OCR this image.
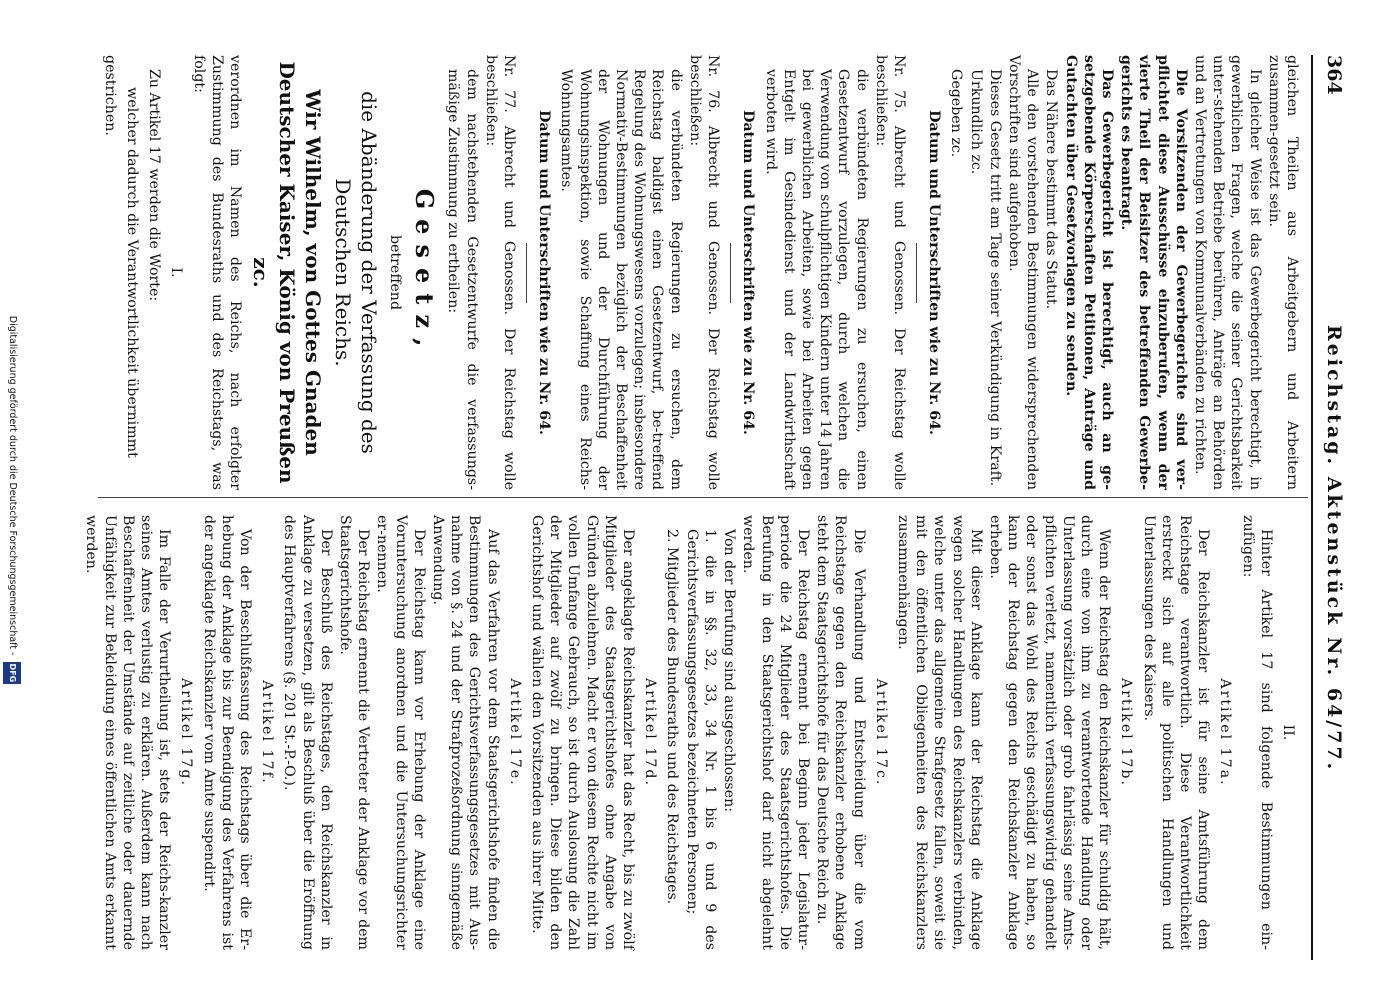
364
Reichstag. Aktenstück Nr. 64/77.

gleichen Theilen aus Arbeitgebern und Arbeitern zusammen-gesetzt sein.

In gleicher Weise ist das Gewerbegericht berechtigt, in gewerblichen Fragen, welche die seiner Gerichtsbarkeit unter-stehenden Betriebe berühren, Anträge an Behörden und an Vertretungen von Kommunalverbänden zu richten.

Die Vorsitzenden der Gewerbegerichte sind ver-pflichtet diese Ausschüsse einzuberufen, wenn der vierte Theil der Beisitzer des betreffenden Gewerbe-gerichts es beantragt.

Das Gewerbegericht ist berechtigt, auch an ge-setzgebende Körperschaften Petitionen, Anträge und Gutachten über Gesetzvorlagen zu senden.

Das Nähere bestimmt das Statut.

Alle den vorstehenden Bestimmungen widersprechenden Vorschriften sind aufgehoben.

Dieses Gesetz tritt am Tage seiner Verkündigung in Kraft.

Urkundlich zc.

Gegeben zc.

Datum und Unterschriften wie zu Nr. 64.

Nr. 75. Albrecht und Genossen. Der Reichstag wolle beschließen:

die verbündeten Regierungen zu ersuchen, einen Gesetzentwurf vorzulegen, durch welchen die Verwendung von schulpflichtigen Kindern unter 14 Jahren bei gewerblichen Arbeiten, sowie bei Arbeiten gegen Entgelt im Gesindedienst und der Landwirthschaft verboten wird.

Datum und Unterschriften wie zu Nr. 64.

Nr. 76. Albrecht und Genossen. Der Reichstag wolle beschließen:

die verbündeten Regierungen zu ersuchen, dem Reichstag baldigst einen Gesetzentwurf, be-treffend Regelung des Wohnungswesens vorzulegen; insbesondere Normativ-Bestimmungen bezüglich der Beschaffenheit der Wohnungen und der Durchführung der Wohnungsinspektion, sowie Schaffung eines Reichs-Wohnungsamtes.

Datum und Unterschriften wie zu Nr. 64.

Nr. 77. Albrecht und Genossen. Der Reichstag wolle beschließen:

dem nachstehenden Gesetzentwurfe die verfassungs-mäßige Zustimmung zu ertheilen:

Gesetz,

betreffend

die Abänderung der Verfassung des Deutschen Reichs.

Wir Wilhelm, von Gottes Gnaden Deutscher Kaiser, König von Preußen zc.

verordnen im Namen des Reichs, nach erfolgter Zustimmung des Bundesraths und des Reichstags, was folgt:

I.

Zu Artikel 17 werden die Worte:

welcher dadurch die Verantwortlichkeit übernimmt

gestrichen.

II.

Hinter Artikel 17 sind folgende Bestimmungen ein-zufügen:

Artikel 17a.

Der Reichskanzler ist für seine Amtsführung dem Reichstage verantwortlich. Diese Verantwortlichkeit erstreckt sich auf alle politischen Handlungen und Unterlassungen des Kaisers.

Artikel 17b.

Wenn der Reichstag den Reichskanzler für schuldig hält, durch eine von ihm zu verantwortende Handlung oder Unterlassung vorsätzlich oder grob fahrlässig seine Amts-pflichten verletzt, namentlich verfassungswidrig gehandelt oder sonst das Wohl des Reichs geschädigt zu haben, so kann der Reichstag gegen den Reichskanzler Anklage erheben.

Mit dieser Anklage kann der Reichstag die Anklage wegen solcher Handlungen des Reichskanzlers verbinden, welche unter das allgemeine Strafgesetz fallen, soweit sie mit den öffentlichen Obliegenheiten des Reichskanzlers zusammenhängen.

Artikel 17c.

Die Verhandlung und Entscheidung über die vom Reichstage gegen den Reichskanzler erhobene Anklage steht dem Staatsgerichtshofe für das Deutsche Reich zu.

Der Reichstag ernennt bei Beginn jeder Legislatur-periode die 24 Mitglieder des Staatsgerichtshofes. Die Berufung in den Staatsgerichtshof darf nicht abgelehnt werden.

Von der Berufung sind ausgeschlossen:

1. die in §§. 32, 33, 34 Nr. 1 bis 6 und 9 des Gerichtsverfassungsgesetzes bezeichneten Personen;

2. Mitglieder des Bundesraths und des Reichstages.

Artikel 17d.

Der angeklagte Reichskanzler hat das Recht, bis zu zwölf Mitglieder des Staatsgerichtshofes ohne Angabe von Gründen abzulehnen. Macht er von diesem Rechte nicht im vollen Umfange Gebrauch, so ist durch Auslosung die Zahl der Mitglieder auf zwölf zu bringen. Diese bilden den Gerichtshof und wählen den Vorsitzenden aus ihrer Mitte.

Artikel 17e.

Auf das Verfahren vor dem Staatsgerichtshofe finden die Bestimmungen des Gerichtsverfassungsgesetzes mit Aus-nahme von §. 24 und der Strafprozeßordnung sinngemäße Anwendung.

Der Reichstag kann vor Erhebung der Anklage eine Voruntersuchung anordnen und die Untersuchungsrichter er-nennen.

Der Reichstag ernennt die Vertreter der Anklage vor dem Staatsgerichtshofe.

Der Beschluß des Reichstages, den Reichskanzler in Anklage zu versetzen, gilt als Beschluß über die Eröffnung des Hauptverfahrens (§. 201 St.-P.-O.).

Artikel 17f.

Von der Beschlußfassung des Reichstags über die Er-hebung der Anklage bis zur Beendigung des Verfahrens ist der angeklagte Reichskanzler vom Amte suspendirt.

Artikel 17g.

Im Falle der Verurtheilung ist, stets der Reichs-kanzler seines Amtes verlustig zu erklären. Außerdem kann nach Beschaffenheit der Umstände auf zeitliche oder dauernde Unfähigkeit zur Bekleidung eines öffentlichen Amts erkannt werden.

Digitalisierung gefördert durch die Deutsche Forschungsgemeinschaft - DFG
